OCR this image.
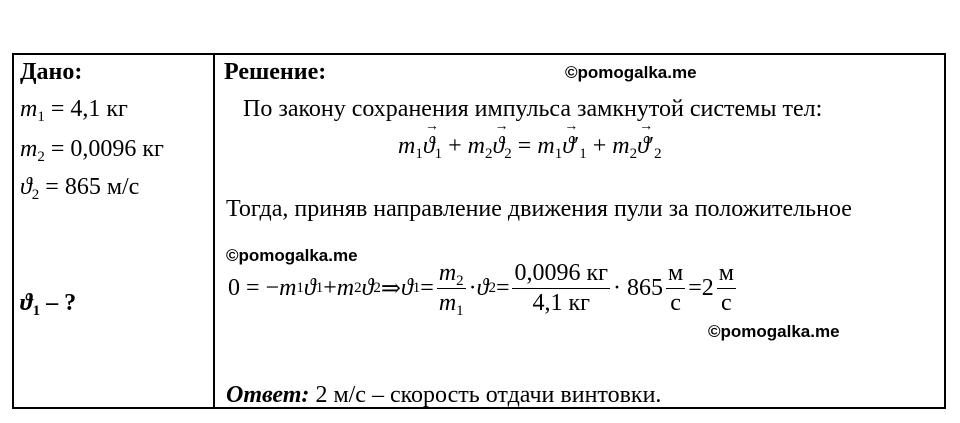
Дано:
$m_1 = 4,1$ кг
$m_2 = 0,0096$ кг
$ϑ_2 = 865$ м/с
$ϑ_1$ – ?
Решение:	©pomogalka.me
По закону сохранения импульса замкнутой системы тел:
$m_1\to ϑ_1 + m_2\to ϑ_2 = m_1\to ϑ'_1 + m_2\to ϑ'_2$
Тогда, приняв направление движения пули за положительное
©pomogalka.me
0 = − m 1 ϑ 1 + m 2 ϑ 2 ⇒ ϑ $1 = \frac{m_2}{m_1} \cdot ϑ$ $2 = \frac{0,0096 кг}{4,1 кг} \cdot 865 \frac{м}{с} = 2 \frac{м}{с}$
©pomogalka.me
Ответ: 2 м/с – скорость отдачи винтовки.
